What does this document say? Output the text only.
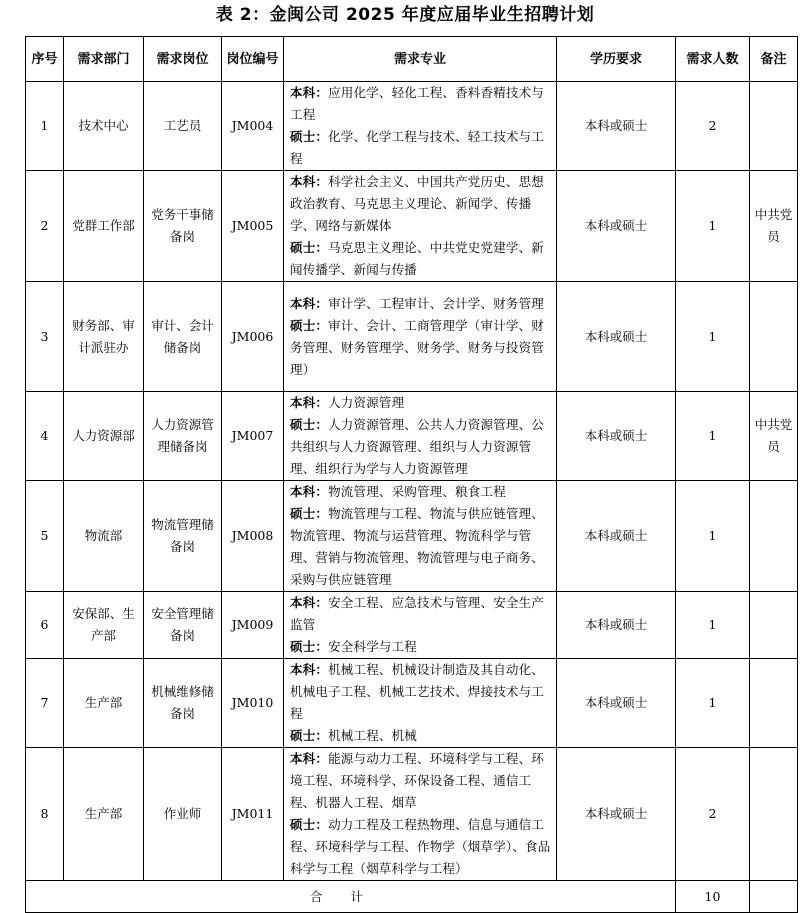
表 2：金闽公司 2025 年度应届毕业生招聘计划
序号	需求部门	需求岗位	岗位编号	需求专业	学历要求	需求人数	备注
1	技术中心	工艺员	JM004	本科：应用化学、轻化工程、香料香精技术与工程
硕士：化学、化学工程与技术、轻工技术与工程	本科或硕士	2	
2	党群工作部	党务干事储备岗	JM005	本科：科学社会主义、中国共产党历史、思想政治教育、马克思主义理论、新闻学、传播学、网络与新媒体
硕士：马克思主义理论、中共党史党建学、新闻传播学、新闻与传播	本科或硕士	1	中共党员
3	财务部、审计派驻办	审计、会计储备岗	JM006	本科：审计学、工程审计、会计学、财务管理
硕士：审计、会计、工商管理学（审计学、财务管理、财务管理学、财务学、财务与投资管理）	本科或硕士	1	
4	人力资源部	人力资源管理储备岗	JM007	本科：人力资源管理
硕士：人力资源管理、公共人力资源管理、公共组织与人力资源管理、组织与人力资源管理、组织行为学与人力资源管理	本科或硕士	1	中共党员
5	物流部	物流管理储备岗	JM008	本科：物流管理、采购管理、粮食工程
硕士：物流管理与工程、物流与供应链管理、物流管理、物流与运营管理、物流科学与管理、营销与物流管理、物流管理与电子商务、采购与供应链管理	本科或硕士	1	
6	安保部、生产部	安全管理储备岗	JM009	本科：安全工程、应急技术与管理、安全生产监管
硕士：安全科学与工程	本科或硕士	1	
7	生产部	机械维修储备岗	JM010	本科：机械工程、机械设计制造及其自动化、机械电子工程、机械工艺技术、焊接技术与工程
硕士：机械工程、机械	本科或硕士	1	
8	生产部	作业师	JM011	本科：能源与动力工程、环境科学与工程、环境工程、环境科学、环保设备工程、通信工程、机器人工程、烟草
硕士：动力工程及工程热物理、信息与通信工程、环境科学与工程、作物学（烟草学）、食品科学与工程（烟草科学与工程）	本科或硕士	2	
合计						10	
